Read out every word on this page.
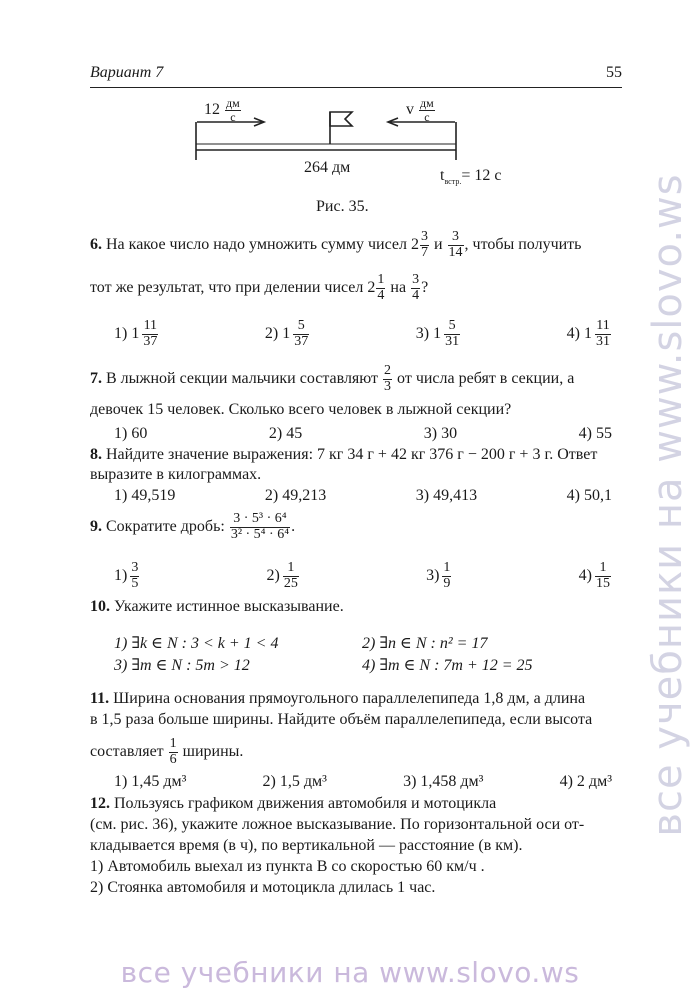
Вариант 7	55
$12 \frac{дм}{с}$	v $\frac{дм}{с}$
264 дм	$t_{встр.}= 12$ с
Рис. 35.
6. На какое число надо умножить сумму чисел $2 \frac{3}{7}$ и $\frac{3}{14}$ , чтобы получить
тот же результат, что при делении чисел $2 \frac{1}{4}$ на $\frac{3}{4}$ ?
1) $1 \frac{11}{37}$	2) $1 \frac{5}{37}$	3) $1 \frac{5}{31}$	4) $1 \frac{11}{31}$
7. В лыжной секции мальчики составляют $\frac{2}{3}$ от числа ребят в секции, а
девочек 15 человек. Сколько всего человек в лыжной секции?
1) 60	2) 45	3) 30	4) 55
8. Найдите значение выражения: 7 кг 34 г + 42 кг 376 г − 200 г + 3 г. Ответ
выразите в килограммах.
1) 49,519	2) 49,213	3) 49,413	4) 50,1
9. Сократите дробь: $\frac{\text{3 · 5³ · 6⁴}}{\text{3² · 5⁴ · 6⁴}}$ .
$1) \frac{3}{5}$	$2) \frac{1}{25}$	$3) \frac{1}{9}$	$4) \frac{1}{15}$
10. Укажите истинное высказывание.
1) ∃k ∈ N : 3 < k + 1 < 4	2) ∃n ∈ N : n² = 17
3) ∃m ∈ N : 5m > 12	4) ∃m ∈ N : 7m + 12 = 25
11. Ширина основания прямоугольного параллелепипеда 1,8 дм, а длина
в 1,5 раза больше ширины. Найдите объём параллелепипеда, если высота
составляет $\frac{1}{6}$ ширины.
1) 1,45 дм³	2) 1,5 дм³	3) 1,458 дм³	4) 2 дм³
12. Пользуясь графиком движения автомобиля и мотоцикла
(см. рис. 36), укажите ложное высказывание. По горизонтальной оси от-
кладывается время (в ч), по вертикальной — расстояние (в км).
1) Автомобиль выехал из пункта B со скоростью 60 км/ч .
2) Стоянка автомобиля и мотоцикла длилась 1 час.
все учебники на www.slovo.ws
все учебники на www.slovo.ws
